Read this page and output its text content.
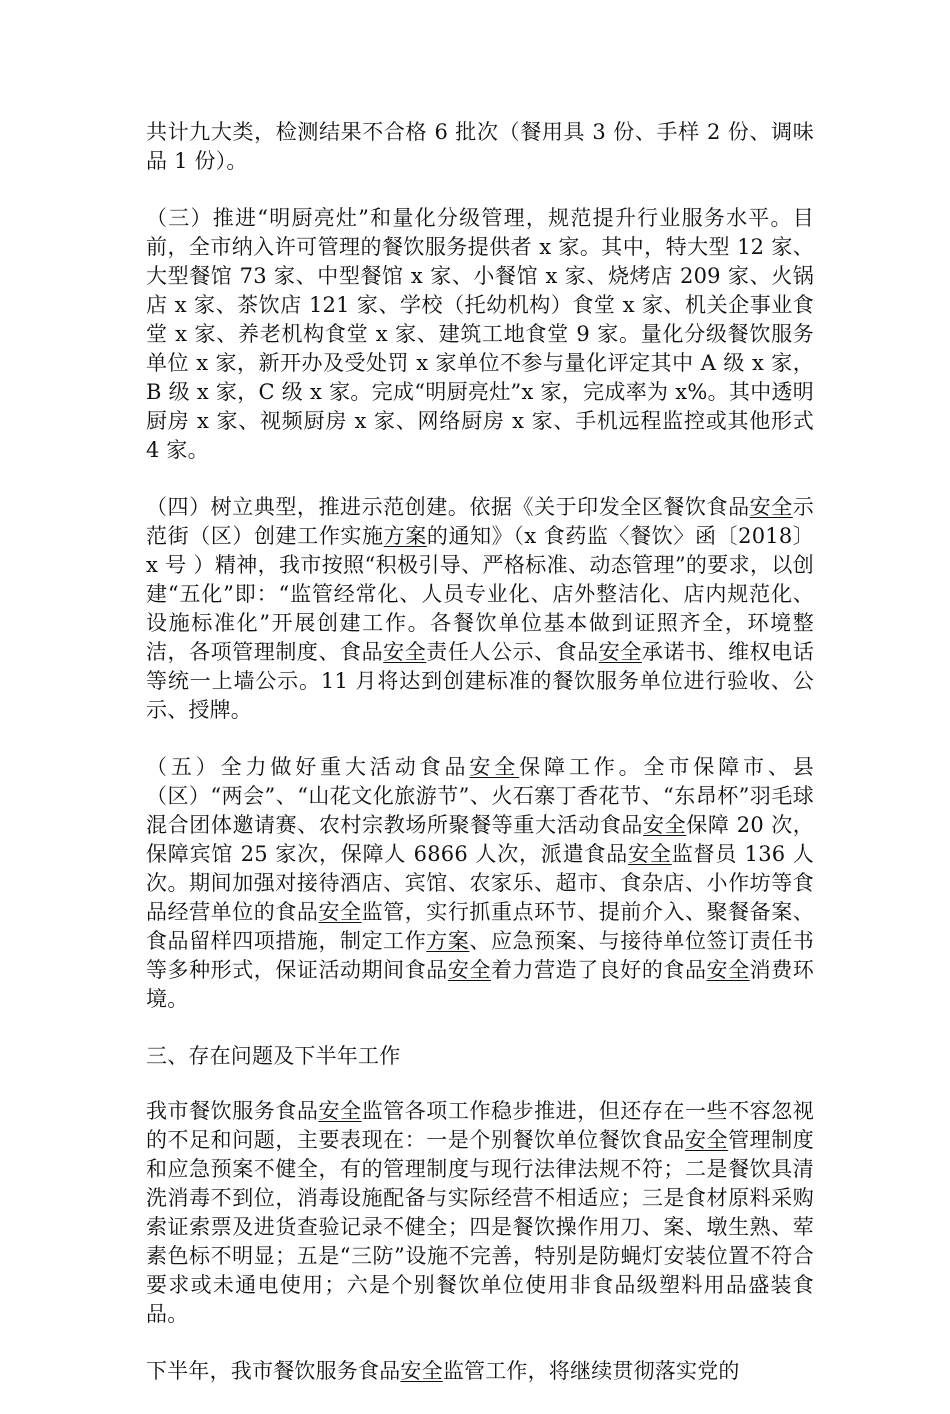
共计九大类，检测结果不合格 6 批次（餐用具 3 份、手样 2 份、调味品 1 份）。

（三）推进“明厨亮灶”和量化分级管理，规范提升行业服务水平。目前，全市纳入许可管理的餐饮服务提供者 x 家。其中，特大型 12 家、大型餐馆 73 家、中型餐馆 x 家、小餐馆 x 家、烧烤店 209 家、火锅店 x 家、茶饮店 121 家、学校（托幼机构）食堂 x 家、机关企事业食堂 x 家、养老机构食堂 x 家、建筑工地食堂 9 家。量化分级餐饮服务单位 x 家，新开办及受处罚 x 家单位不参与量化评定其中 A 级 x 家，B 级 x 家，C 级 x 家。完成“明厨亮灶”x 家，完成率为 x%。其中透明厨房 x 家、视频厨房 x 家、网络厨房 x 家、手机远程监控或其他形式 4 家。

（四）树立典型，推进示范创建。依据《关于印发全区餐饮食品安全示范街（区）创建工作实施方案的通知》（x 食药监〈餐饮〉函〔2018〕x 号 ）精神，我市按照“积极引导、严格标准、动态管理”的要求，以创建“五化”即：“监管经常化、人员专业化、店外整洁化、店内规范化、设施标准化”开展创建工作。各餐饮单位基本做到证照齐全，环境整洁，各项管理制度、食品安全责任人公示、食品安全承诺书、维权电话等统一上墙公示。11 月将达到创建标准的餐饮服务单位进行验收、公示、授牌。

（五）全力做好重大活动食品安全保障工作。全市保障市、县（区）“两会”、“山花文化旅游节”、火石寨丁香花节、“东昂杯”羽毛球混合团体邀请赛、农村宗教场所聚餐等重大活动食品安全保障 20 次，保障宾馆 25 家次，保障人 6866 人次，派遣食品安全监督员 136 人次。期间加强对接待酒店、宾馆、农家乐、超市、食杂店、小作坊等食品经营单位的食品安全监管，实行抓重点环节、提前介入、聚餐备案、食品留样四项措施，制定工作方案、应急预案、与接待单位签订责任书等多种形式，保证活动期间食品安全着力营造了良好的食品安全消费环境。

三、存在问题及下半年工作

我市餐饮服务食品安全监管各项工作稳步推进，但还存在一些不容忽视的不足和问题，主要表现在：一是个别餐饮单位餐饮食品安全管理制度和应急预案不健全，有的管理制度与现行法律法规不符；二是餐饮具清洗消毒不到位，消毒设施配备与实际经营不相适应；三是食材原料采购索证索票及进货查验记录不健全；四是餐饮操作用刀、案、墩生熟、荤素色标不明显；五是“三防”设施不完善，特别是防蝇灯安装位置不符合要求或未通电使用；六是个别餐饮单位使用非食品级塑料用品盛装食品。

下半年，我市餐饮服务食品安全监管工作，将继续贯彻落实党的
